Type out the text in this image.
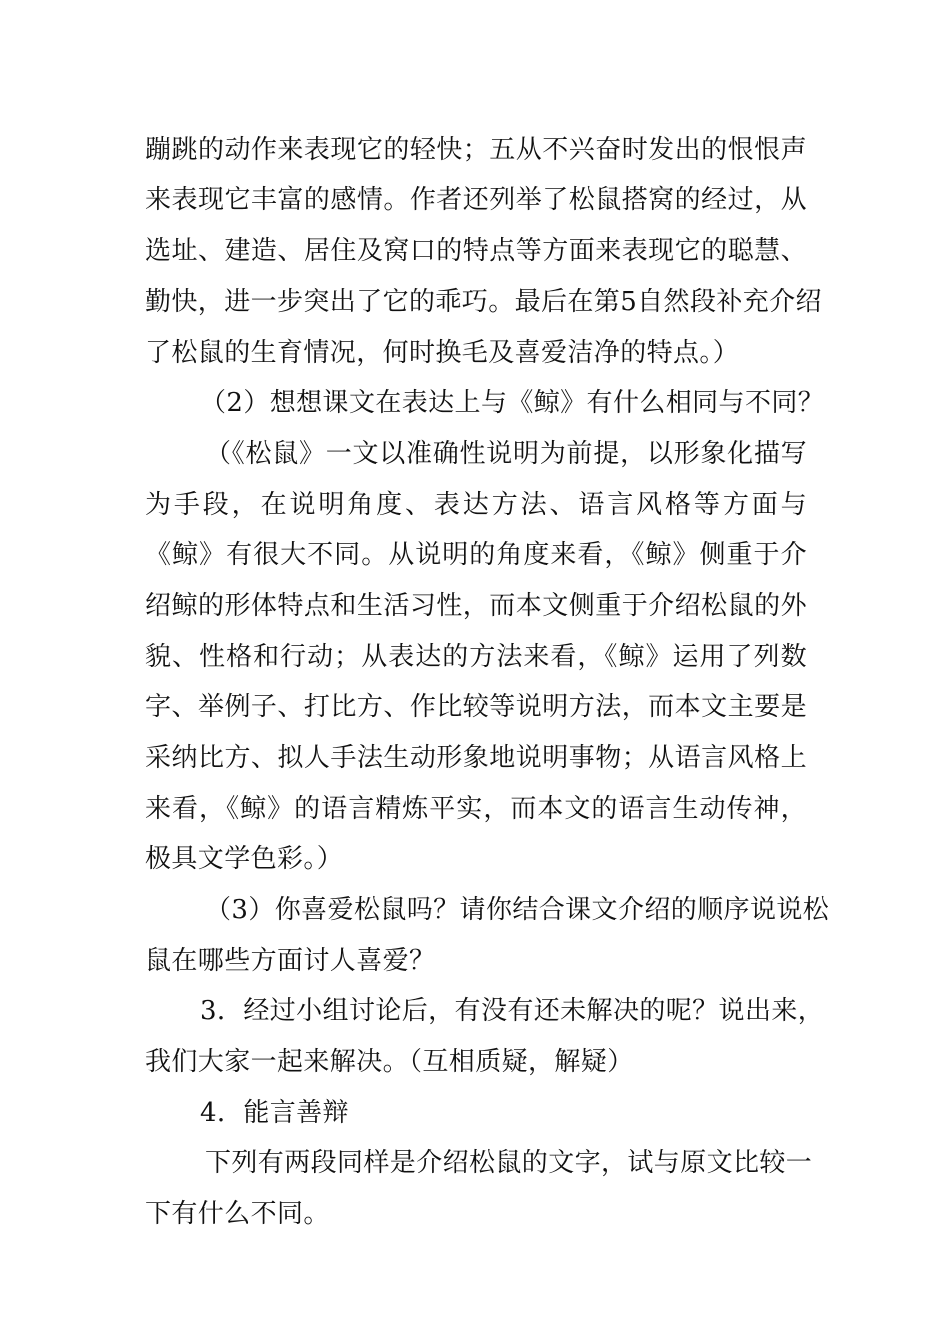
蹦跳的动作来表现它的轻快；五从不兴奋时发出的恨恨声
来表现它丰富的感情。作者还列举了松鼠搭窝的经过，从
选址、建造、居住及窝口的特点等方面来表现它的聪慧、
勤快，进一步突出了它的乖巧。最后在第5自然段补充介绍
了松鼠的生育情况，何时换毛及喜爱洁净的特点。）
（2）想想课文在表达上与《鲸》有什么相同与不同？
（《松鼠》一文以准确性说明为前提，以形象化描写
为手段，在说明角度、表达方法、语言风格等方面与
《鲸》有很大不同。从说明的角度来看，《鲸》侧重于介
绍鲸的形体特点和生活习性，而本文侧重于介绍松鼠的外
貌、性格和行动；从表达的方法来看，《鲸》运用了列数
字、举例子、打比方、作比较等说明方法，而本文主要是
采纳比方、拟人手法生动形象地说明事物；从语言风格上
来看，《鲸》的语言精炼平实，而本文的语言生动传神，
极具文学色彩。）
（3）你喜爱松鼠吗？请你结合课文介绍的顺序说说松
鼠在哪些方面讨人喜爱？
3．经过小组讨论后，有没有还未解决的呢？说出来，
我们大家一起来解决。（互相质疑，解疑）
4．能言善辩
下列有两段同样是介绍松鼠的文字，试与原文比较一
下有什么不同。
